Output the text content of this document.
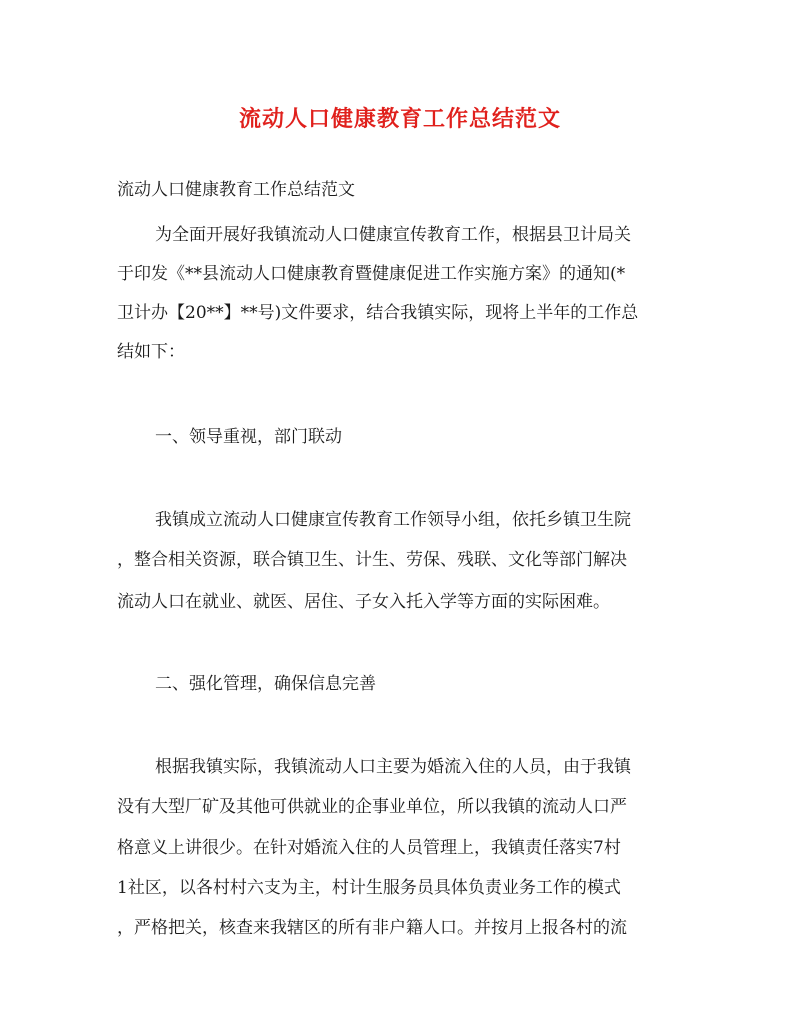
流动人口健康教育工作总结范文
流动人口健康教育工作总结范文
为全面开展好我镇流动人口健康宣传教育工作，根据县卫计局关
于印发《**县流动人口健康教育暨健康促进工作实施方案》的通知(*
卫计办【20**】**号)文件要求，结合我镇实际，现将上半年的工作总
结如下：
一、领导重视，部门联动
我镇成立流动人口健康宣传教育工作领导小组，依托乡镇卫生院
，整合相关资源，联合镇卫生、计生、劳保、残联、文化等部门解决
流动人口在就业、就医、居住、子女入托入学等方面的实际困难。
二、强化管理，确保信息完善
根据我镇实际，我镇流动人口主要为婚流入住的人员，由于我镇
没有大型厂矿及其他可供就业的企事业单位，所以我镇的流动人口严
格意义上讲很少。在针对婚流入住的人员管理上，我镇责任落实7村
1社区，以各村村六支为主，村计生服务员具体负责业务工作的模式
，严格把关，核查来我辖区的所有非户籍人口。并按月上报各村的流
